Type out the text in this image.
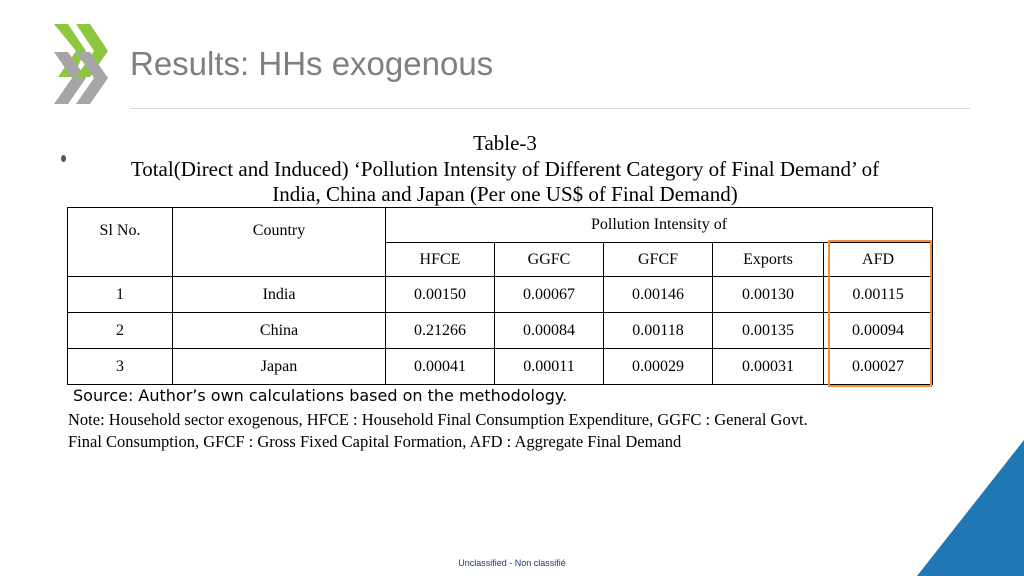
Results: HHs exogenous
Table-3
Total(Direct and Induced) ‘Pollution Intensity of Different Category of Final Demand’ of
India, China and Japan (Per one US$ of Final Demand)
Sl No.	Country	Pollution Intensity of				
		HFCE	GGFC	GFCF	Exports	AFD
1	India	0.00150	0.00067	0.00146	0.00130	0.00115
2	China	0.21266	0.00084	0.00118	0.00135	0.00094
3	Japan	0.00041	0.00011	0.00029	0.00031	0.00027

Source: Author’s own calculations based on the methodology.

Note: Household sector exogenous, HFCE : Household Final Consumption Expenditure, GGFC : General Govt.
Final Consumption, GFCF : Gross Fixed Capital Formation, AFD : Aggregate Final Demand

Unclassified - Non classifié
